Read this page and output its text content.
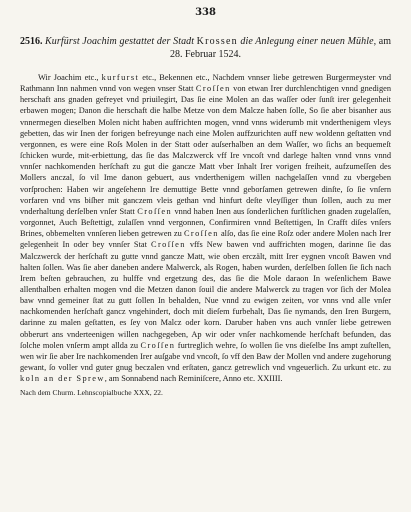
338
2516. Kurfürst Joachim gestattet der Stadt Krossen die Anlegung einer neuen Mühle, am 28. Februar 1524.

Wir Joachim etc., kurfurst etc., Bekennen etc., Nachdem vnnser liebe getrewen Burgermeyster vnd Rathmann Inn nahmen vnnd von wegen vnser Statt Croſſen von etwan Irer durchlenchtigen vnnd gnedigen herschaft ans gnaden gefreyet vnd priuilegirt, Das ſie eine Molen an das waſſer oder ſunſt irer gelegenheit erbawen mogen; Danon die herschaft die halbe Metze von dem Malcze haben ſolle, So ſie aber bisanher aus vnnermegen dieselben Molen nicht haben auffrichten mogen, vnnd vnns widerumb mit vnderthenigem vleys gebetten, das wir Inen der forigen befreyunge nach eine Molen auffzurichten auff new woldenn geſtatten vnd vergonnen, es were eine Roſs Molen in der Statt oder auſserhalben an dem Waſſer, wo ſichs an bequemeſt ſchicken wurde, mit-erbiettung, das ſie das Malczwerck vff Ire vncoſt vnd darlege halten vnnd vnns vnnd vnnſer nachkomenden herſchaft zu gut die gancze Matt vber Inhalt Irer vorigen freiheit, aufzumeſſen des Mollers anczal, ſo vil Ime danon gebuert, aus vnderthenigem willen nachgelaſſen vnnd zu vbergeben vorſprochen: Haben wir angeſehenn Ire demuttige Bette vnnd geborſamen getrewen dinſte, ſo ſie vnſern vorfaren vnd vns biſher mit ganczem vleis gethan vnd hinfurt deſte vleyſſiger thun ſollen, auch zu mer vnderhaltung derſelben vnſer Statt Croſſen vnnd haben Inen aus ſonderlichen furſtlichen gnaden zugelaſſen, vorgonnet, Auch Beſtettigt, zulaſſen vnnd vergonnen, Confirmiren vnnd Beſtettigen, In Crafft diſes vnſers Brines, obbemelten vnnſeren lieben getrewen zu Croſſen alſo, das ſie eine Roſz oder andere Molen nach Irer gelegenheit In oder bey vnnſer Stat Croſſen vffs New bawen vnd auffrichten mogen, darinne ſie das Malczwerck der herſchaft zu gutte vnnd gancze Matt, wie oben erczält, mitt Irer eygnen vncoſt Bawen vnd halten ſollen. Was ſie aber daneben andere Malwerck, als Rogen, haben wurden, derſelben ſollen ſie ſich nach Irem beſten gebrauchen, zu hulffe vnd ergetzung des, das ſie die Mole daraon In weſenlichem Bawe allenthalben erhalten mogen vnd die Metzen danon ſouil die andere Malwerck zu tragen vor ſich der Molea baw vnnd gemeiner ſtat zu gutt ſollen In behalden, Nue vnnd zu ewigen zeiten, vor vnns vnd alle vnſer nachkomenden herſchaft gancz vngehindert, doch mit dieſem furbehalt, Das ſie nymands, den Iren Burgern, darinne zu malen geſtatten, es ſey von Malcz oder korn. Daruber haben vns auch vnnſer liebe getrewen obberurt ans vnderteenigen willen nachgegeben, Ap wir oder vnſer nachkomende herſchaft befunden, das ſolche molen vnſerm ampt allda zu Croſſen furtreglich wehre, ſo wollen ſie vns dieſelbe Ins ampt zuſtellen, wen wir ſie aber Ire nachkomenden Irer auſgabe vnd vncoſt, ſo vff den Baw der Mollen vnd andere zugehorung gewant, ſo voller vnd guter gnug beczalen vnd erſtaten, gancz getrewlich vnd vngeuerlich. Zu urkunt etc. zu koln an der Sprew, am Sonnabend nach Reminiſcere, Anno etc. XXIIII.

Nach dem Churm. Lehnscopialbuche XXX, 22.
